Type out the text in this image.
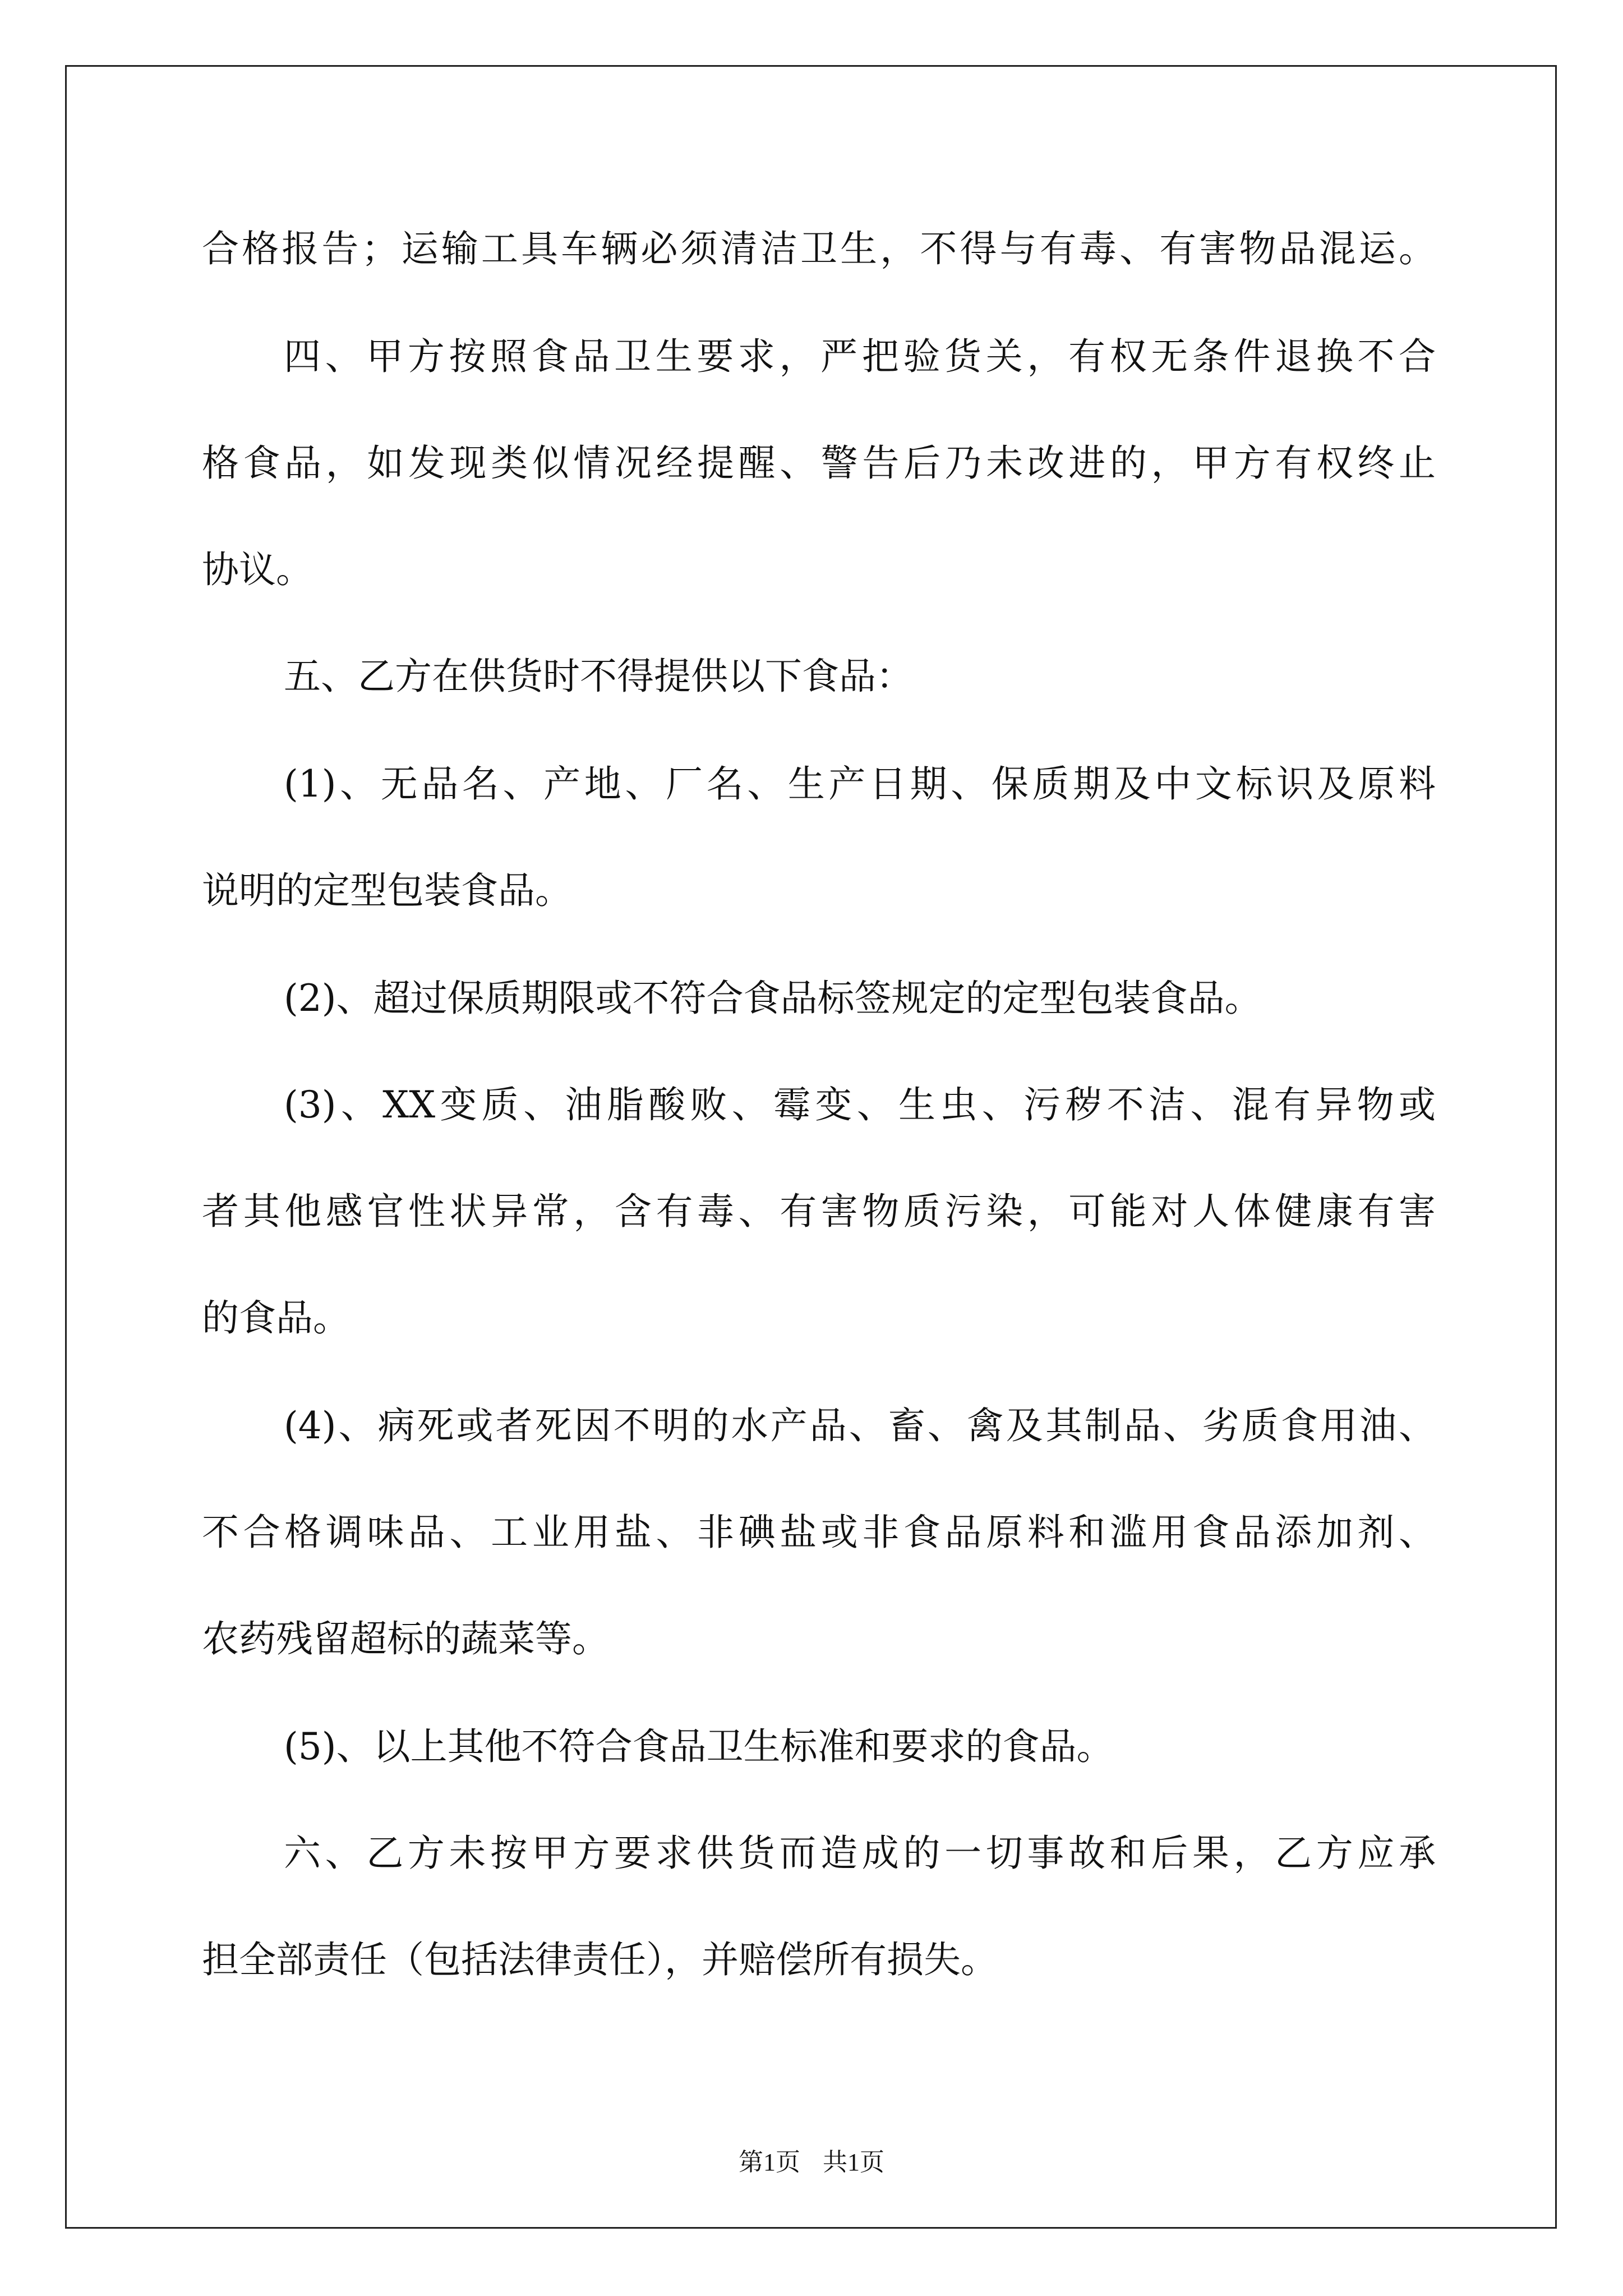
合格报告；运输工具车辆必须清洁卫生，不得与有毒、有害物品混运。
四、甲方按照食品卫生要求，严把验货关，有权无条件退换不合
格食品，如发现类似情况经提醒、警告后乃未改进的，甲方有权终止
协议。
五、乙方在供货时不得提供以下食品：
(1)、无品名、产地、厂名、生产日期、保质期及中文标识及原料
说明的定型包装食品。
(2)、超过保质期限或不符合食品标签规定的定型包装食品。
(3)、XX变质、油脂酸败、霉变、生虫、污秽不洁、混有异物或
者其他感官性状异常，含有毒、有害物质污染，可能对人体健康有害
的食品。
(4)、病死或者死因不明的水产品、畜、禽及其制品、劣质食用油、
不合格调味品、工业用盐、非碘盐或非食品原料和滥用食品添加剂、
农药残留超标的蔬菜等。
(5)、以上其他不符合食品卫生标准和要求的食品。
六、乙方未按甲方要求供货而造成的一切事故和后果，乙方应承
担全部责任（包括法律责任），并赔偿所有损失。
第1页 共1页
